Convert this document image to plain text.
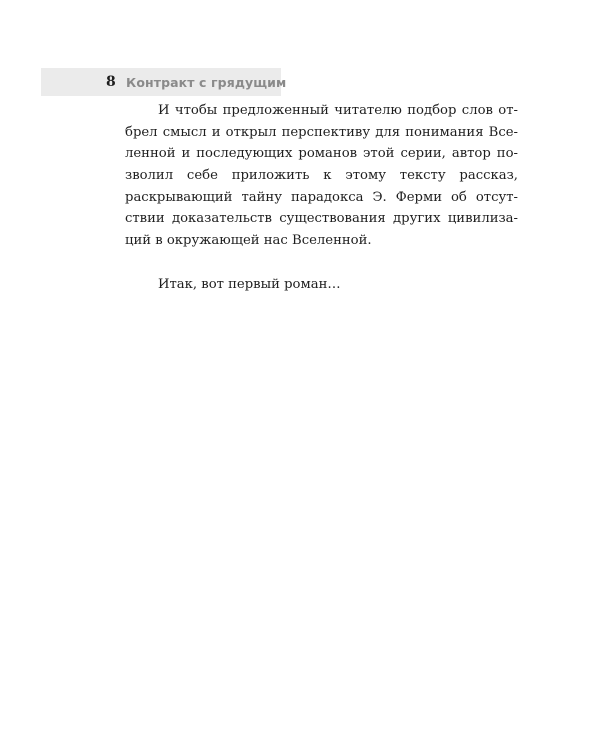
8 Контракт с грядущим
И чтобы предложенный читателю подбор слов от-
брел смысл и открыл перспективу для понимания Все-
ленной и последующих романов этой серии, автор по-
зволил себе приложить к этому тексту рассказ,
раскрывающий тайну парадокса Э. Ферми об отсут-
ствии доказательств существования других цивилиза-
ций в окружающей нас Вселенной.
Итак, вот первый роман…
